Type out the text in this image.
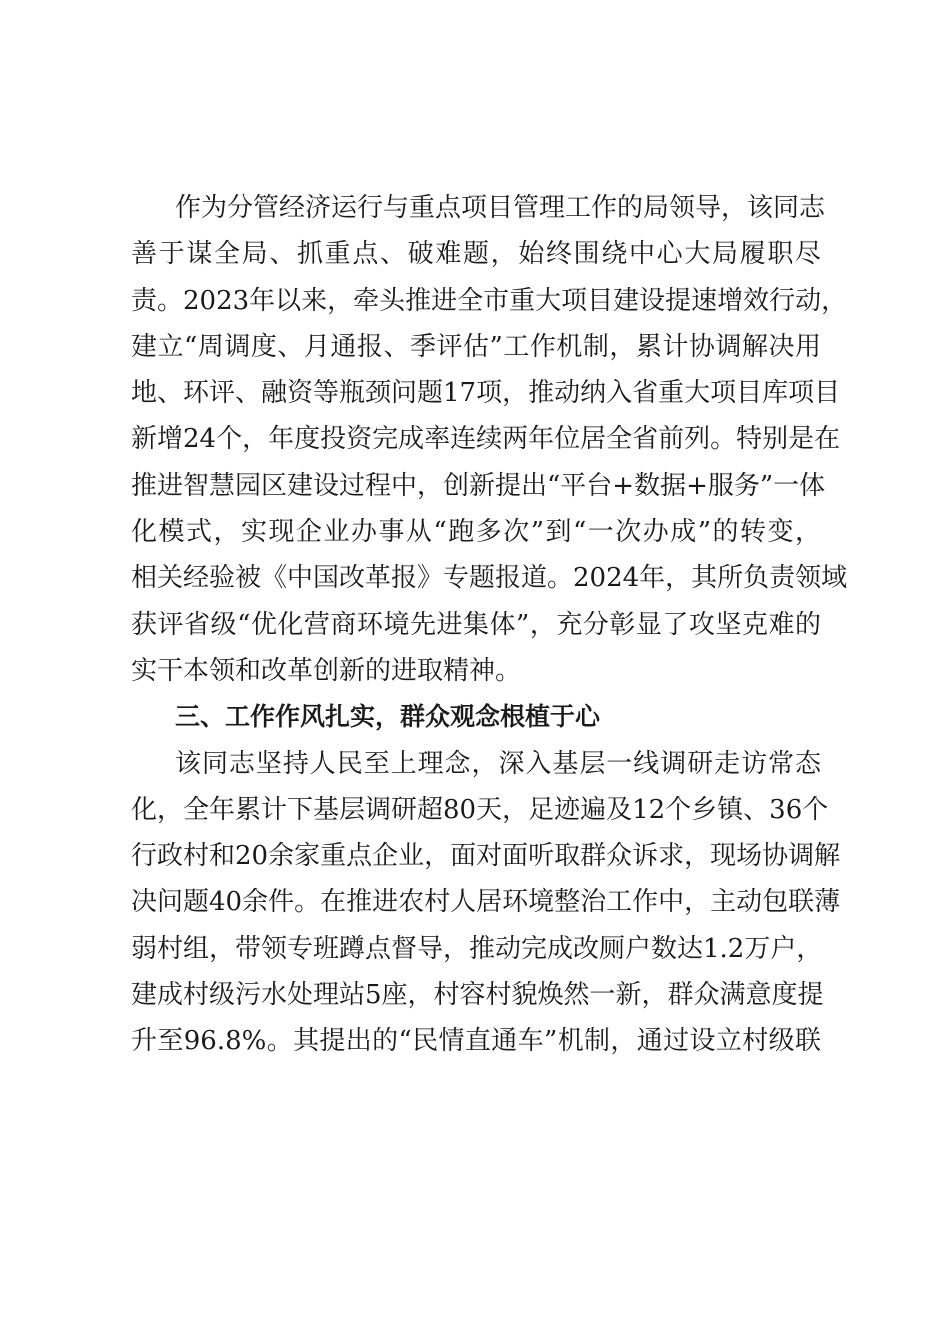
作为分管经济运行与重点项目管理工作的局领导，该同志
善于谋全局、抓重点、破难题，始终围绕中心大局履职尽
责。2023年以来，牵头推进全市重大项目建设提速增效行动，
建立“周调度、月通报、季评估”工作机制，累计协调解决用
地、环评、融资等瓶颈问题17项，推动纳入省重大项目库项目
新增24个，年度投资完成率连续两年位居全省前列。特别是在
推进智慧园区建设过程中，创新提出“平台+数据+服务”一体
化模式，实现企业办事从“跑多次”到“一次办成”的转变，
相关经验被《中国改革报》专题报道。2024年，其所负责领域
获评省级“优化营商环境先进集体”，充分彰显了攻坚克难的
实干本领和改革创新的进取精神。
三、工作作风扎实，群众观念根植于心
该同志坚持人民至上理念，深入基层一线调研走访常态
化，全年累计下基层调研超80天，足迹遍及12个乡镇、36个
行政村和20余家重点企业，面对面听取群众诉求，现场协调解
决问题40余件。在推进农村人居环境整治工作中，主动包联薄
弱村组，带领专班蹲点督导，推动完成改厕户数达1.2万户，
建成村级污水处理站5座，村容村貌焕然一新，群众满意度提
升至96.8%。其提出的“民情直通车”机制，通过设立村级联
